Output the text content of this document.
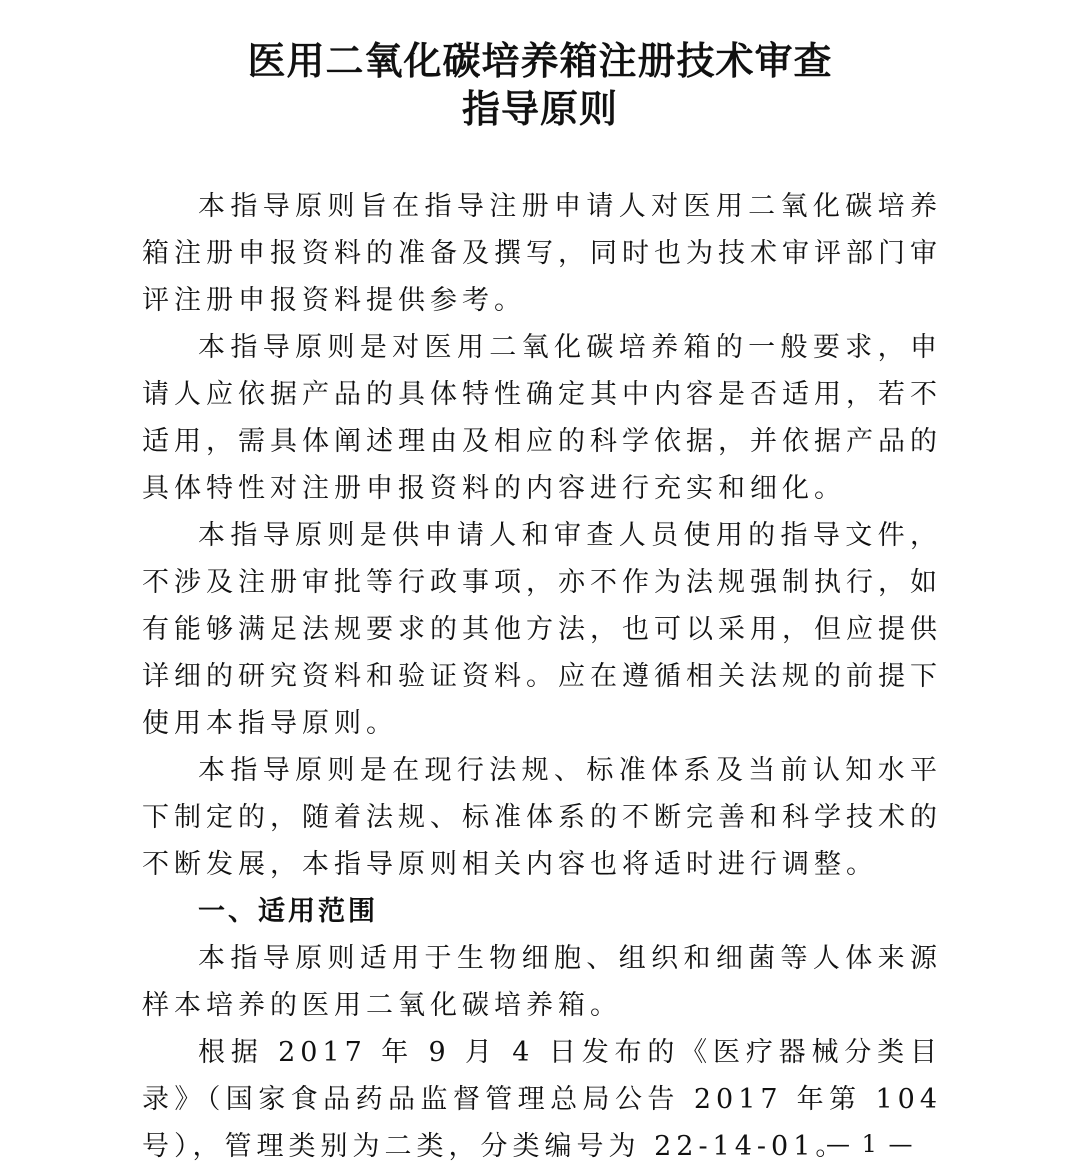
医用二氧化碳培养箱注册技术审查
指导原则

本指导原则旨在指导注册申请人对医用二氧化碳培养箱注册申报资料的准备及撰写，同时也为技术审评部门审评注册申报资料提供参考。

本指导原则是对医用二氧化碳培养箱的一般要求，申请人应依据产品的具体特性确定其中内容是否适用，若不适用，需具体阐述理由及相应的科学依据，并依据产品的具体特性对注册申报资料的内容进行充实和细化。

本指导原则是供申请人和审查人员使用的指导文件，不涉及注册审批等行政事项，亦不作为法规强制执行，如有能够满足法规要求的其他方法，也可以采用，但应提供详细的研究资料和验证资料。应在遵循相关法规的前提下使用本指导原则。

本指导原则是在现行法规、标准体系及当前认知水平下制定的，随着法规、标准体系的不断完善和科学技术的不断发展，本指导原则相关内容也将适时进行调整。

一、适用范围

本指导原则适用于生物细胞、组织和细菌等人体来源样本培养的医用二氧化碳培养箱。

根据 2017 年 9 月 4 日发布的《医疗器械分类目录》（国家食品药品监督管理总局公告 2017 年第 104 号），管理类别为二类，分类编号为 22-14-01。

— 1 —
